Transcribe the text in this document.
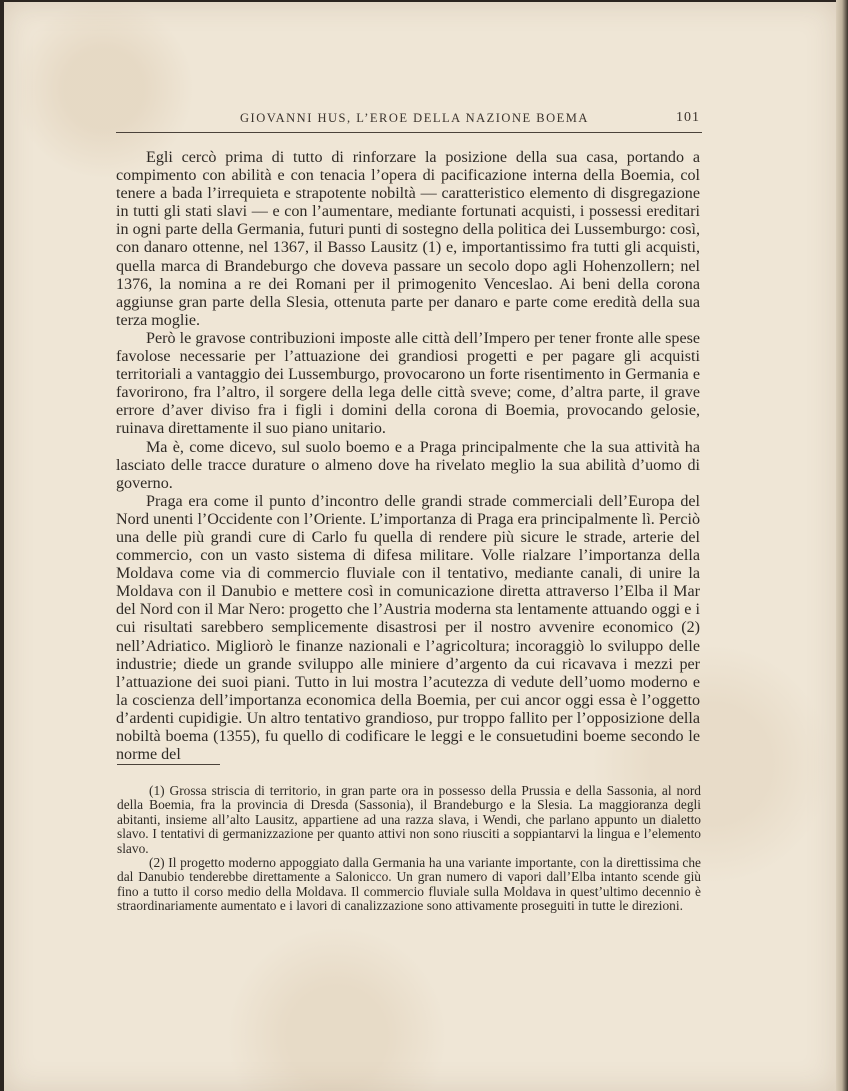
GIOVANNI HUS, L’EROE DELLA NAZIONE BOEMA	101

Egli cercò prima di tutto di rinforzare la posizione della sua casa, portando a compimento con abilità e con tenacia l’opera di pacificazione interna della Boemia, col tenere a bada l’irrequieta e strapotente nobiltà — caratteristico elemento di disgregazione in tutti gli stati slavi — e con l’aumentare, mediante fortunati acquisti, i possessi ereditari in ogni parte della Germania, futuri punti di sostegno della politica dei Lussemburgo: così, con danaro ottenne, nel 1367, il Basso Lausitz (1) e, importantissimo fra tutti gli acquisti, quella marca di Brandeburgo che doveva passare un secolo dopo agli Hohenzollern; nel 1376, la nomina a re dei Romani per il primogenito Venceslao. Ai beni della corona aggiunse gran parte della Slesia, ottenuta parte per danaro e parte come eredità della sua terza moglie.

Però le gravose contribuzioni imposte alle città dell’Impero per tener fronte alle spese favolose necessarie per l’attuazione dei grandiosi progetti e per pagare gli acquisti territoriali a vantaggio dei Lussemburgo, provocarono un forte risentimento in Germania e favorirono, fra l’altro, il sorgere della lega delle città sveve; come, d’altra parte, il grave errore d’aver diviso fra i figli i domini della corona di Boemia, provocando gelosie, ruinava direttamente il suo piano unitario.

Ma è, come dicevo, sul suolo boemo e a Praga principalmente che la sua attività ha lasciato delle tracce durature o almeno dove ha rivelato meglio la sua abilità d’uomo di governo.

Praga era come il punto d’incontro delle grandi strade commerciali dell’Europa del Nord unenti l’Occidente con l’Oriente. L’importanza di Praga era principalmente lì. Perciò una delle più grandi cure di Carlo fu quella di rendere più sicure le strade, arterie del commercio, con un vasto sistema di difesa militare. Volle rialzare l’importanza della Moldava come via di commercio fluviale con il tentativo, mediante canali, di unire la Moldava con il Danubio e mettere così in comunicazione diretta attraverso l’Elba il Mar del Nord con il Mar Nero: progetto che l’Austria moderna sta lentamente attuando oggi e i cui risultati sarebbero semplicemente disastrosi per il nostro avvenire economico (2) nell’Adriatico. Migliorò le finanze nazionali e l’agricoltura; incoraggiò lo sviluppo delle industrie; diede un grande sviluppo alle miniere d’argento da cui ricavava i mezzi per l’attuazione dei suoi piani. Tutto in lui mostra l’acutezza di vedute dell’uomo moderno e la coscienza dell’importanza economica della Boemia, per cui ancor oggi essa è l’oggetto d’ardenti cupidigie. Un altro tentativo grandioso, pur troppo fallito per l’opposizione della nobiltà boema (1355), fu quello di codificare le leggi e le consuetudini boeme secondo le norme del

(1) Grossa striscia di territorio, in gran parte ora in possesso della Prussia e della Sassonia, al nord della Boemia, fra la provincia di Dresda (Sassonia), il Brandeburgo e la Slesia. La maggioranza degli abitanti, insieme all’alto Lausitz, appartiene ad una razza slava, i Wendi, che parlano appunto un dialetto slavo. I tentativi di germanizzazione per quanto attivi non sono riusciti a soppiantarvi la lingua e l’elemento slavo.

(2) Il progetto moderno appoggiato dalla Germania ha una variante importante, con la direttissima che dal Danubio tenderebbe direttamente a Salonicco. Un gran numero di vapori dall’Elba intanto scende giù fino a tutto il corso medio della Moldava. Il commercio fluviale sulla Moldava in quest’ultimo decennio è straordinariamente aumentato e i lavori di canalizzazione sono attivamente proseguiti in tutte le direzioni.
